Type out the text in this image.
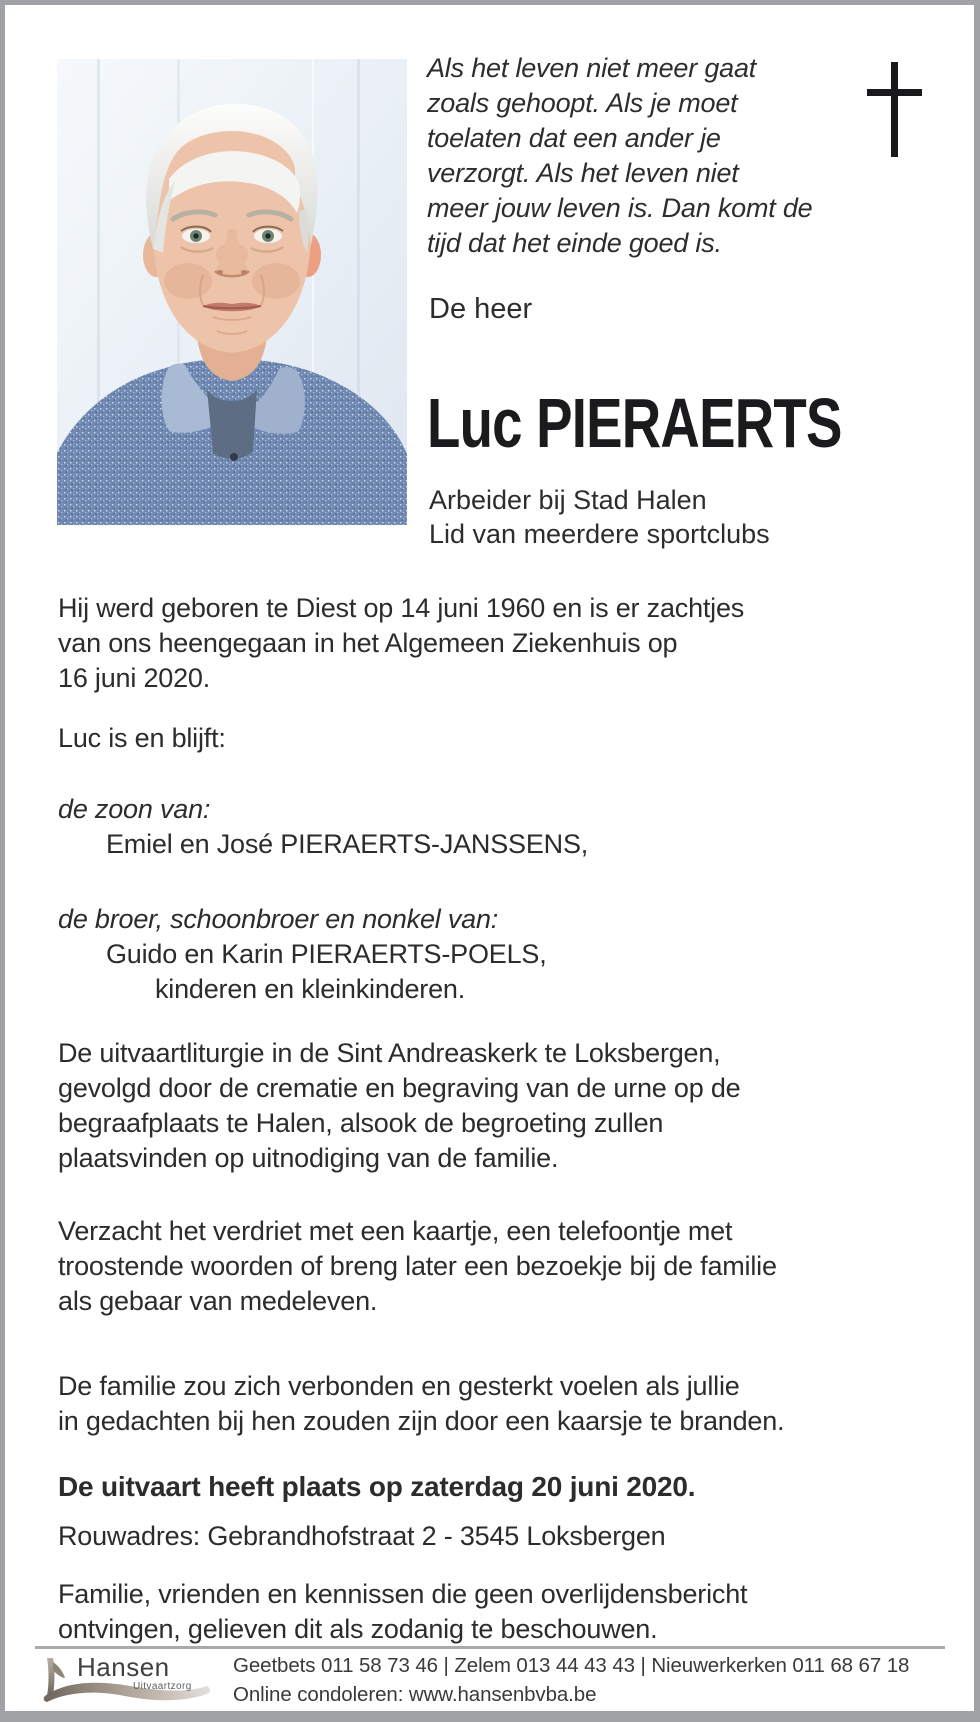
Als het leven niet meer gaat
zoals gehoopt. Als je moet
toelaten dat een ander je
verzorgt. Als het leven niet
meer jouw leven is. Dan komt de
tijd dat het einde goed is.
De heer
Luc PIERAERTS
Arbeider bij Stad Halen
Lid van meerdere sportclubs
Hij werd geboren te Diest op 14 juni 1960 en is er zachtjes
van ons heengegaan in het Algemeen Ziekenhuis op
16 juni 2020.
Luc is en blijft:
de zoon van:
Emiel en José PIERAERTS-JANSSENS,
de broer, schoonbroer en nonkel van:
Guido en Karin PIERAERTS-POELS,
kinderen en kleinkinderen.
De uitvaartliturgie in de Sint Andreaskerk te Loksbergen,
gevolgd door de crematie en begraving van de urne op de
begraafplaats te Halen, alsook de begroeting zullen
plaatsvinden op uitnodiging van de familie.
Verzacht het verdriet met een kaartje, een telefoontje met
troostende woorden of breng later een bezoekje bij de familie
als gebaar van medeleven.
De familie zou zich verbonden en gesterkt voelen als jullie
in gedachten bij hen zouden zijn door een kaarsje te branden.
De uitvaart heeft plaats op zaterdag 20 juni 2020.
Rouwadres: Gebrandhofstraat 2 - 3545 Loksbergen
Familie, vrienden en kennissen die geen overlijdensbericht
ontvingen, gelieven dit als zodanig te beschouwen.
Hansen
Uitvaartzorg
Geetbets 011 58 73 46 | Zelem 013 44 43 43 | Nieuwerkerken 011 68 67 18
Online condoleren: www.hansenbvba.be
